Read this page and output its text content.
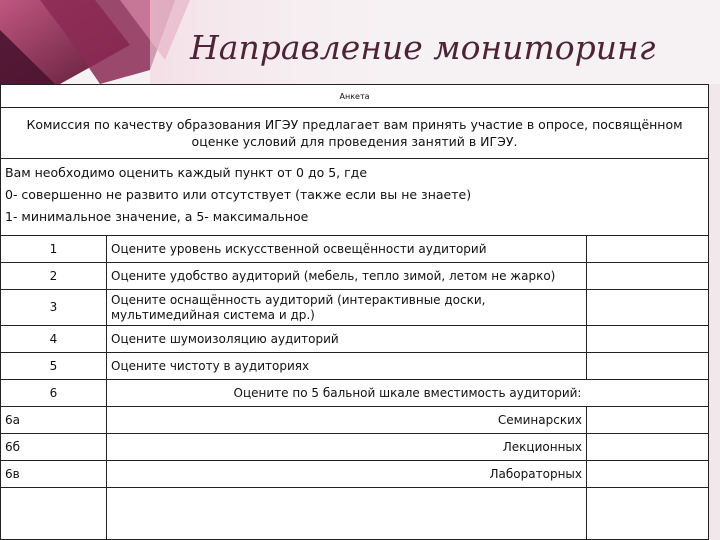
Направление мониторинг
Анкета		
Комиссия по качеству образования ИГЭУ предлагает вам принять участие в опросе, посвящённом оценке условий для проведения занятий в ИГЭУ.		

Вам необходимо оценить каждый пункт от 0 до 5, где
0- совершенно не развито или отсутствует (также если вы не знаете)
1- минимальное значение, а 5- максимальное		

1	Оцените уровень искусственной освещённости аудиторий	
2	Оцените удобство аудиторий (мебель, тепло зимой, летом не жарко)	
3	Оцените оснащённость аудиторий (интерактивные доски, мультимедийная система и др.)	
4	Оцените шумоизоляцию аудиторий	
5	Оцените чистоту в аудиториях	
6	Оцените по 5 бальной шкале вместимость аудиторий:	
6а	Семинарских	
6б	Лекционных	
6в	Лабораторных	
